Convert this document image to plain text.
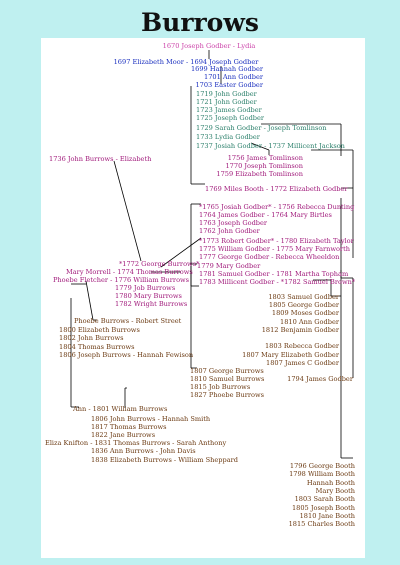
Burrows
1670 Joseph Godber - Lydia
1697 Elizabeth Moor - 1694 Joseph Godber
1699 Hannah Godber
1701 Ann Godber
1703 Easter Godber
1719 John Godber
1721 John Godber
1723 James Godber
1725 Joseph Godber
1729 Sarah Godber - Joseph Tomlinson
1733 Lydia Godber
1737 Josiah Godber - 1737 Millicent Jackson
1756 James Tomlinson
1736 John Burrows - Elizabeth
1770 Joseph Tomlinson
1759 Elizabeth Tomlinson
1769 Miles Booth - 1772 Elizabeth Godber
*1765 Josiah Godber* - 1756 Rebecca Dunting
1764 James Godber - 1764 Mary Birtles
1763 Joseph Godber
1762 John Godber
*1773 Robert Godber* - 1780 Elizabeth Taylor
1775 William Godber - 1775 Mary Farnworth
*1772 George Burrows*
1777 George Godber - Rebecca Wheeldon
Mary Morrell - 1774 Thomas Burrows
1779 Mary Godber
1781 Samuel Godber - 1781 Martha Topham
Phoebe Fletcher - 1776 William Burrows 1783 Millicent Godber - *1782 Samuel Brown*
1779 Job Burrows
1780 Mary Burrows
1782 Wright Burrows
1803 Samuel Godber
1805 George Godber
1809 Moses Godber
Phoebe Burrows - Robert Street	1810 Ann Godber
1800 Elizabeth Burrows	1812 Benjamin Godber
1802 John Burrows
1804 Thomas Burrows	1803 Rebecca Godber
1806 Joseph Burrows - Hannah Fewison	1807 Mary Elizabeth Godber
1807 James C Godber
1807 George Burrows
1810 Samuel Burrows	1794 James Godber
1815 Job Burrows
1827 Phoebe Burrows
Ann - 1801 William Burrows
1806 John Burrows - Hannah Smith
1817 Thomas Burrows
1822 Jane Burrows
Eliza Knifton - 1831 Thomas Burrows - Sarah Anthony
1836 Ann Burrows - John Davis
1838 Elizabeth Burrows - William Sheppard
1796 George Booth
1798 William Booth
Hannah Booth
Mary Booth
1803 Sarah Booth
1805 Joseph Booth
1810 Jane Booth
1815 Charles Booth
